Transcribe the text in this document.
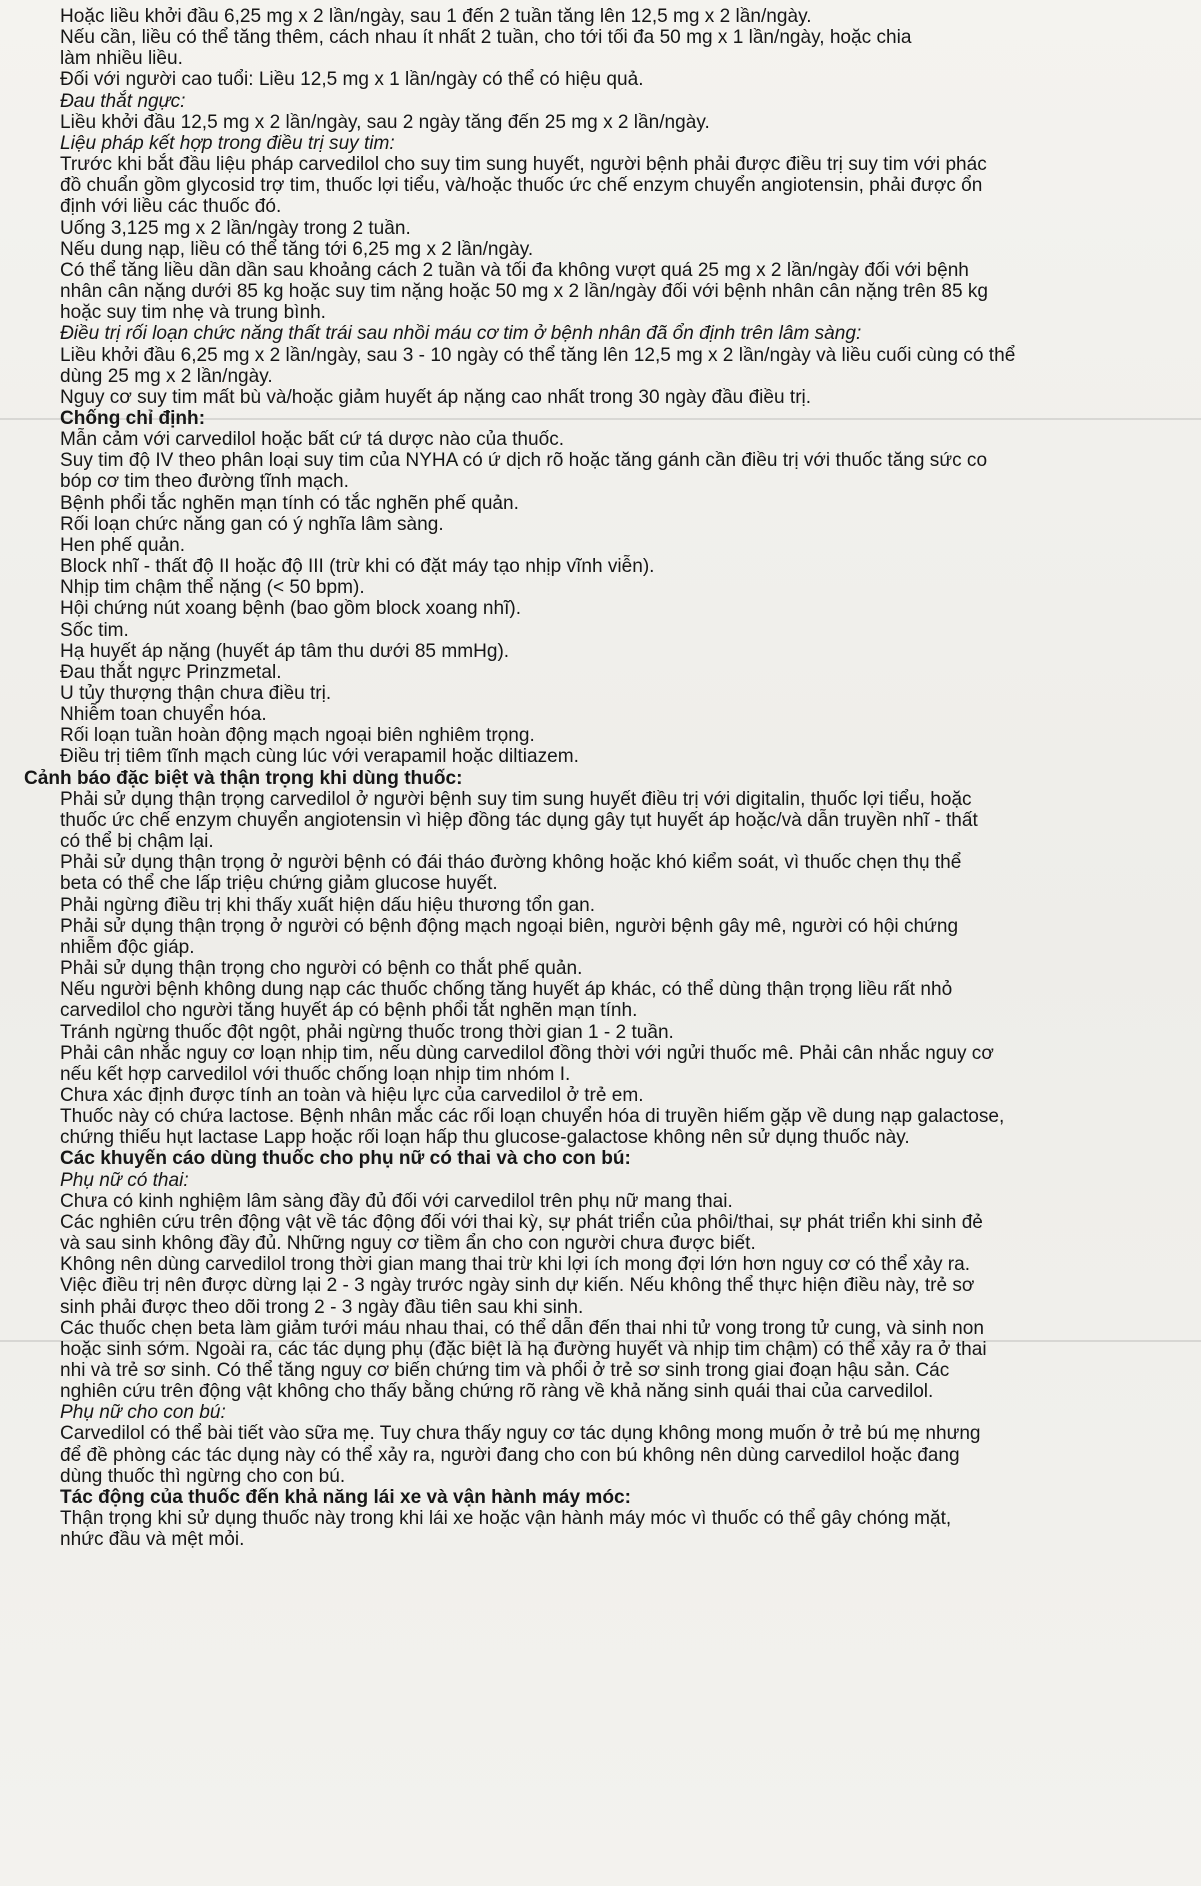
Hoặc liều khởi đầu 6,25 mg x 2 lần/ngày, sau 1 đến 2 tuần tăng lên 12,5 mg x 2 lần/ngày.
Nếu cần, liều có thể tăng thêm, cách nhau ít nhất 2 tuần, cho tới tối đa 50 mg x 1 lần/ngày, hoặc chia
làm nhiều liều.
Đối với người cao tuổi: Liều 12,5 mg x 1 lần/ngày có thể có hiệu quả.
Đau thắt ngực:
Liều khởi đầu 12,5 mg x 2 lần/ngày, sau 2 ngày tăng đến 25 mg x 2 lần/ngày.
Liệu pháp kết hợp trong điều trị suy tim:
Trước khi bắt đầu liệu pháp carvedilol cho suy tim sung huyết, người bệnh phải được điều trị suy tim với phác
đồ chuẩn gồm glycosid trợ tim, thuốc lợi tiểu, và/hoặc thuốc ức chế enzym chuyển angiotensin, phải được ổn
định với liều các thuốc đó.
Uống 3,125 mg x 2 lần/ngày trong 2 tuần.
Nếu dung nạp, liều có thể tăng tới 6,25 mg x 2 lần/ngày.
Có thể tăng liều dần dần sau khoảng cách 2 tuần và tối đa không vượt quá 25 mg x 2 lần/ngày đối với bệnh
nhân cân nặng dưới 85 kg hoặc suy tim nặng hoặc 50 mg x 2 lần/ngày đối với bệnh nhân cân nặng trên 85 kg
hoặc suy tim nhẹ và trung bình.
Điều trị rối loạn chức năng thất trái sau nhồi máu cơ tim ở bệnh nhân đã ổn định trên lâm sàng:
Liều khởi đầu 6,25 mg x 2 lần/ngày, sau 3 - 10 ngày có thể tăng lên 12,5 mg x 2 lần/ngày và liều cuối cùng có thể
dùng 25 mg x 2 lần/ngày.
Nguy cơ suy tim mất bù và/hoặc giảm huyết áp nặng cao nhất trong 30 ngày đầu điều trị.
Chống chỉ định:
Mẫn cảm với carvedilol hoặc bất cứ tá dược nào của thuốc.
Suy tim độ IV theo phân loại suy tim của NYHA có ứ dịch rõ hoặc tăng gánh cần điều trị với thuốc tăng sức co
bóp cơ tim theo đường tĩnh mạch.
Bệnh phổi tắc nghẽn mạn tính có tắc nghẽn phế quản.
Rối loạn chức năng gan có ý nghĩa lâm sàng.
Hen phế quản.
Block nhĩ - thất độ II hoặc độ III (trừ khi có đặt máy tạo nhịp vĩnh viễn).
Nhịp tim chậm thể nặng (< 50 bpm).
Hội chứng nút xoang bệnh (bao gồm block xoang nhĩ).
Sốc tim.
Hạ huyết áp nặng (huyết áp tâm thu dưới 85 mmHg).
Đau thắt ngực Prinzmetal.
U tủy thượng thận chưa điều trị.
Nhiễm toan chuyển hóa.
Rối loạn tuần hoàn động mạch ngoại biên nghiêm trọng.
Điều trị tiêm tĩnh mạch cùng lúc với verapamil hoặc diltiazem.
Cảnh báo đặc biệt và thận trọng khi dùng thuốc:
Phải sử dụng thận trọng carvedilol ở người bệnh suy tim sung huyết điều trị với digitalin, thuốc lợi tiểu, hoặc
thuốc ức chế enzym chuyển angiotensin vì hiệp đồng tác dụng gây tụt huyết áp hoặc/và dẫn truyền nhĩ - thất
có thể bị chậm lại.
Phải sử dụng thận trọng ở người bệnh có đái tháo đường không hoặc khó kiểm soát, vì thuốc chẹn thụ thể
beta có thể che lấp triệu chứng giảm glucose huyết.
Phải ngừng điều trị khi thấy xuất hiện dấu hiệu thương tổn gan.
Phải sử dụng thận trọng ở người có bệnh động mạch ngoại biên, người bệnh gây mê, người có hội chứng
nhiễm độc giáp.
Phải sử dụng thận trọng cho người có bệnh co thắt phế quản.
Nếu người bệnh không dung nạp các thuốc chống tăng huyết áp khác, có thể dùng thận trọng liều rất nhỏ
carvedilol cho người tăng huyết áp có bệnh phổi tắt nghẽn mạn tính.
Tránh ngừng thuốc đột ngột, phải ngừng thuốc trong thời gian 1 - 2 tuần.
Phải cân nhắc nguy cơ loạn nhịp tim, nếu dùng carvedilol đồng thời với ngửi thuốc mê. Phải cân nhắc nguy cơ
nếu kết hợp carvedilol với thuốc chống loạn nhịp tim nhóm I.
Chưa xác định được tính an toàn và hiệu lực của carvedilol ở trẻ em.
Thuốc này có chứa lactose. Bệnh nhân mắc các rối loạn chuyển hóa di truyền hiếm gặp về dung nạp galactose,
chứng thiếu hụt lactase Lapp hoặc rối loạn hấp thu glucose-galactose không nên sử dụng thuốc này.
Các khuyến cáo dùng thuốc cho phụ nữ có thai và cho con bú:
Phụ nữ có thai:
Chưa có kinh nghiệm lâm sàng đầy đủ đối với carvedilol trên phụ nữ mang thai.
Các nghiên cứu trên động vật về tác động đối với thai kỳ, sự phát triển của phôi/thai, sự phát triển khi sinh đẻ
và sau sinh không đầy đủ. Những nguy cơ tiềm ẩn cho con người chưa được biết.
Không nên dùng carvedilol trong thời gian mang thai trừ khi lợi ích mong đợi lớn hơn nguy cơ có thể xảy ra.
Việc điều trị nên được dừng lại 2 - 3 ngày trước ngày sinh dự kiến. Nếu không thể thực hiện điều này, trẻ sơ
sinh phải được theo dõi trong 2 - 3 ngày đầu tiên sau khi sinh.
Các thuốc chẹn beta làm giảm tưới máu nhau thai, có thể dẫn đến thai nhi tử vong trong tử cung, và sinh non
hoặc sinh sớm. Ngoài ra, các tác dụng phụ (đặc biệt là hạ đường huyết và nhịp tim chậm) có thể xảy ra ở thai
nhi và trẻ sơ sinh. Có thể tăng nguy cơ biến chứng tim và phổi ở trẻ sơ sinh trong giai đoạn hậu sản. Các
nghiên cứu trên động vật không cho thấy bằng chứng rõ ràng về khả năng sinh quái thai của carvedilol.
Phụ nữ cho con bú:
Carvedilol có thể bài tiết vào sữa mẹ. Tuy chưa thấy nguy cơ tác dụng không mong muốn ở trẻ bú mẹ nhưng
để đề phòng các tác dụng này có thể xảy ra, người đang cho con bú không nên dùng carvedilol hoặc đang
dùng thuốc thì ngừng cho con bú.
Tác động của thuốc đến khả năng lái xe và vận hành máy móc:
Thận trọng khi sử dụng thuốc này trong khi lái xe hoặc vận hành máy móc vì thuốc có thể gây chóng mặt,
nhức đầu và mệt mỏi.
